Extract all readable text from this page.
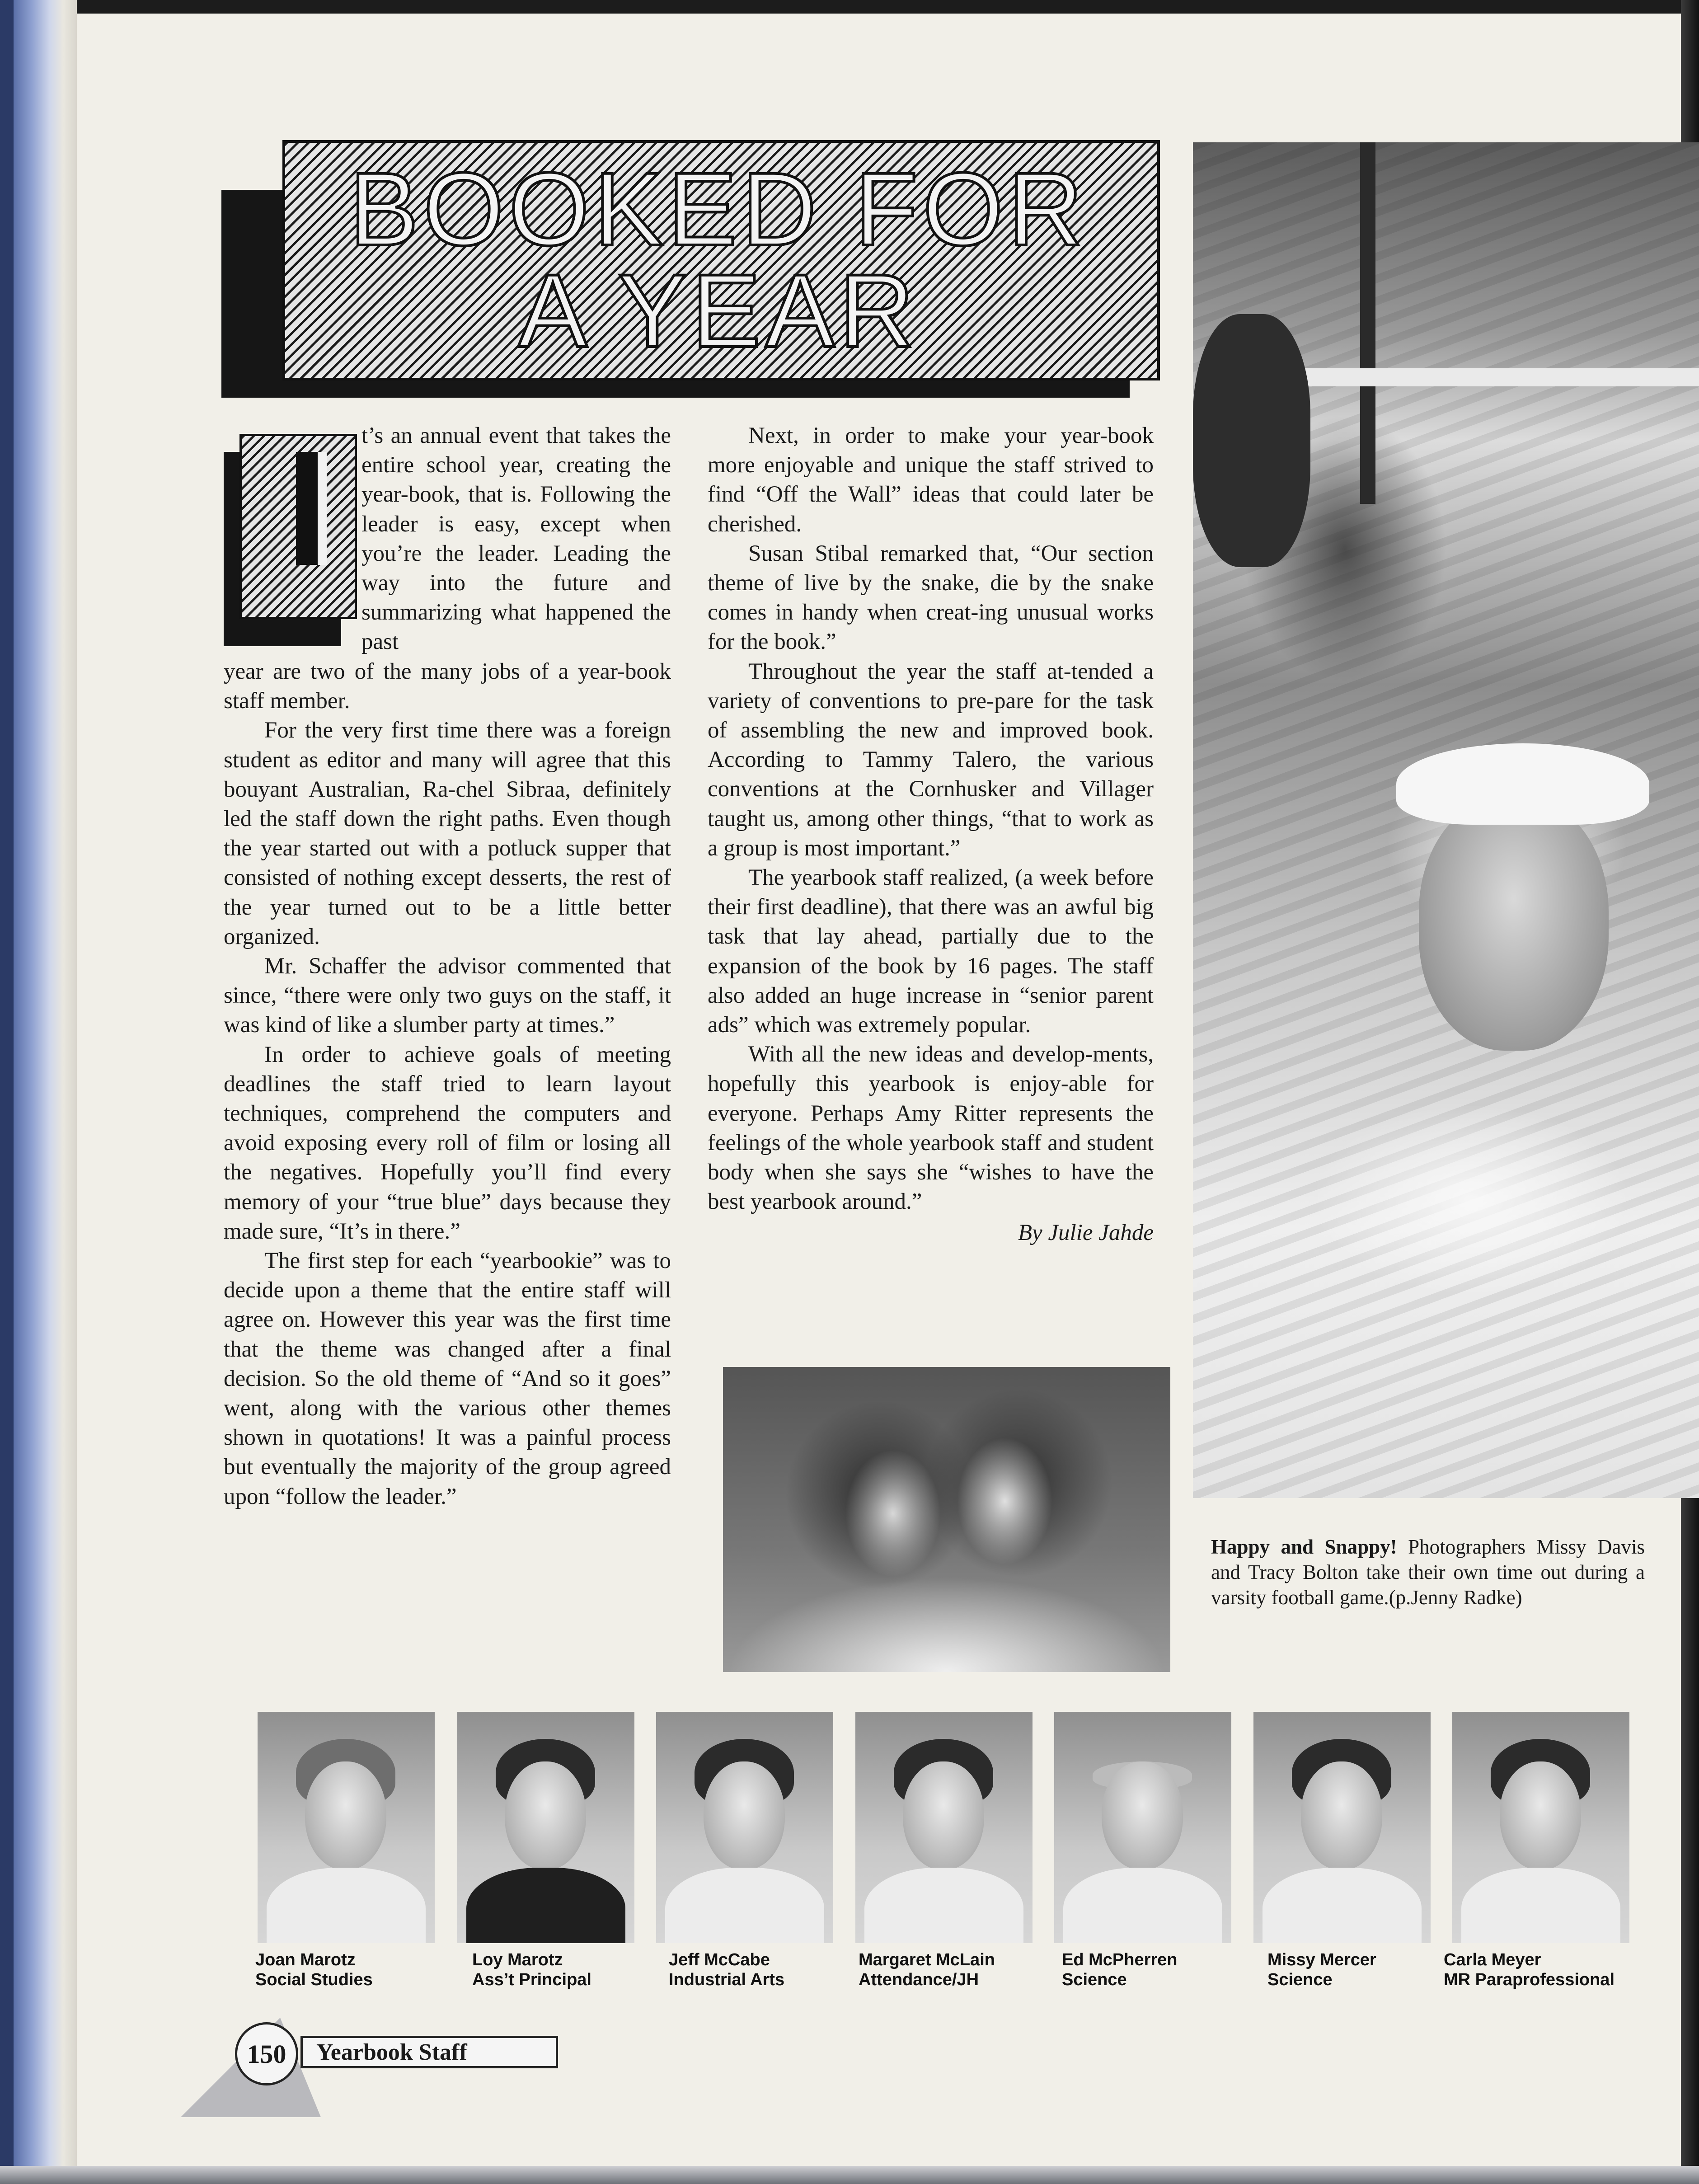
BOOKED FOR
A YEAR

t’s an annual event that takes the entire school year, creating the year-book, that is. Following the leader is easy, except when you’re the leader. Leading the way into the future and summarizing what happened the past

year are two of the many jobs of a year-book staff member.

For the very first time there was a foreign student as editor and many will agree that this bouyant Australian, Ra-chel Sibraa, definitely led the staff down the right paths. Even though the year started out with a potluck supper that consisted of nothing except desserts, the rest of the year turned out to be a little better organized.

Mr. Schaffer the advisor commented that since, “there were only two guys on the staff, it was kind of like a slumber party at times.”

In order to achieve goals of meeting deadlines the staff tried to learn layout techniques, comprehend the computers and avoid exposing every roll of film or losing all the negatives. Hopefully you’ll find every memory of your “true blue” days because they made sure, “It’s in there.”

The first step for each “yearbookie” was to decide upon a theme that the entire staff will agree on. However this year was the first time that the theme was changed after a final decision. So the old theme of “And so it goes” went, along with the various other themes shown in quotations! It was a painful process but eventually the majority of the group agreed upon “follow the leader.”

Next, in order to make your year-book more enjoyable and unique the staff strived to find “Off the Wall” ideas that could later be cherished.

Susan Stibal remarked that, “Our section theme of live by the snake, die by the snake comes in handy when creat-ing unusual works for the book.”

Throughout the year the staff at-tended a variety of conventions to pre-pare for the task of assembling the new and improved book. According to Tammy Talero, the various conventions at the Cornhusker and Villager taught us, among other things, “that to work as a group is most important.”

The yearbook staff realized, (a week before their first deadline), that there was an awful big task that lay ahead, partially due to the expansion of the book by 16 pages. The staff also added an huge increase in “senior parent ads” which was extremely popular.

With all the new ideas and develop-ments, hopefully this yearbook is enjoy-able for everyone. Perhaps Amy Ritter represents the feelings of the whole yearbook staff and student body when she says she “wishes to have the best yearbook around.”

By Julie Jahde

Happy and Snappy! Photographers Missy Davis and Tracy Bolton take their own time out during a varsity football game.(p.Jenny Radke)
Joan Marotz
Social Studies
Loy Marotz
Ass’t Principal
Jeff McCabe
Industrial Arts
Margaret McLain
Attendance/JH
Ed McPherren
Science
Missy Mercer
Science
Carla Meyer
MR Paraprofessional
150	Yearbook Staff
